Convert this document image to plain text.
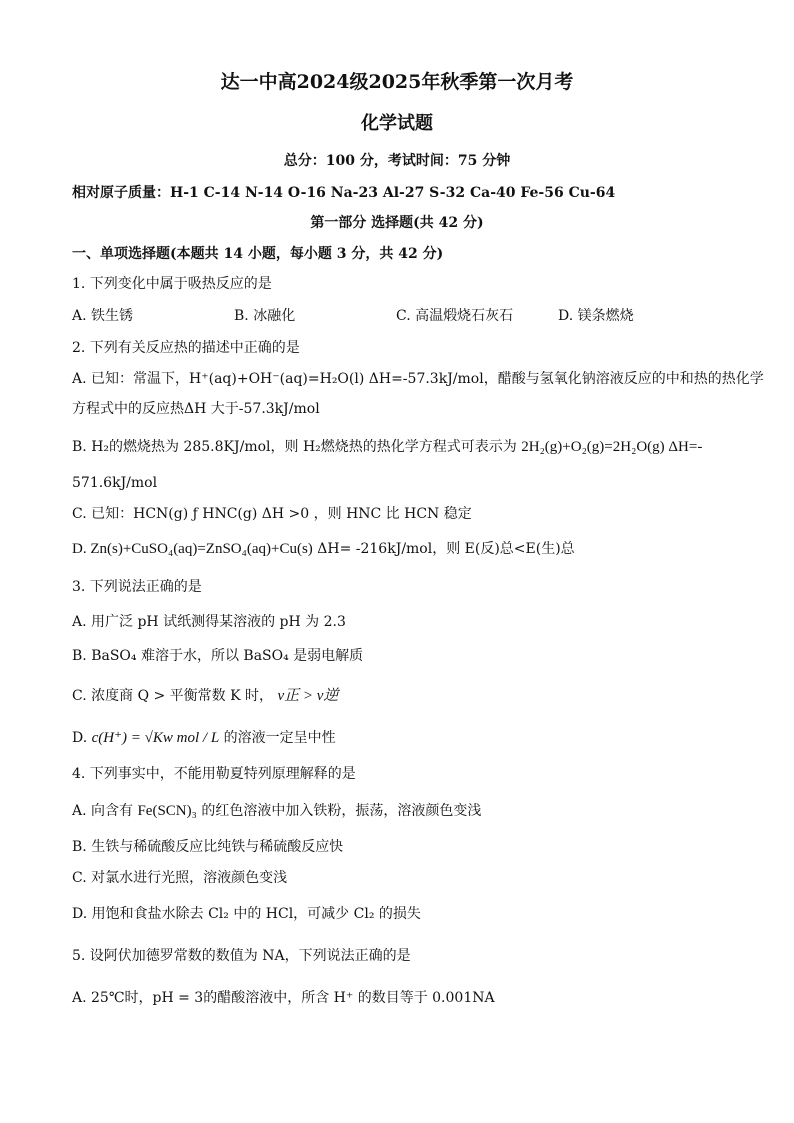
达一中高2024级2025年秋季第一次月考
化学试题
总分：100 分，考试时间：75 分钟
相对原子质量：H-1 C-14 N-14 O-16 Na-23 Al-27 S-32 Ca-40 Fe-56 Cu-64
第一部分 选择题(共 42 分)
一、单项选择题(本题共 14 小题，每小题 3 分，共 42 分)
1. 下列变化中属于吸热反应的是
A. 铁生锈	B. 冰融化	C. 高温煅烧石灰石	D. 镁条燃烧
2. 下列有关反应热的描述中正确的是
A. 已知：常温下，H⁺(aq)+OH⁻(aq)=H₂O(l) ΔH=-57.3kJ/mol，醋酸与氢氧化钠溶液反应的中和热的热化学
方程式中的反应热ΔH 大于-57.3kJ/mol
B. H₂的燃烧热为 285.8KJ/mol，则 H₂燃烧热的热化学方程式可表示为 2H₂(g)+O₂(g)=2H₂O(g) ΔH=-
571.6kJ/mol
C. 已知：HCN(g) ƒ HNC(g) ΔH >0 ，则 HNC 比 HCN 稳定
D. Zn(s)+CuSO₄(aq)=ZnSO₄(aq)+Cu(s) ΔH= -216kJ/mol，则 E(反)总<E(生)总
3. 下列说法正确的是
A. 用广泛 pH 试纸测得某溶液的 pH 为 2.3
B. BaSO₄ 难溶于水，所以 BaSO₄ 是弱电解质
C. 浓度商 Q > 平衡常数 K 时， v正 > v逆
D. c(H⁺) = √Kw mol / L 的溶液一定呈中性
4. 下列事实中，不能用勒夏特列原理解释的是
A. 向含有 Fe(SCN)₃ 的红色溶液中加入铁粉，振荡，溶液颜色变浅
B. 生铁与稀硫酸反应比纯铁与稀硫酸反应快
C. 对氯水进行光照，溶液颜色变浅
D. 用饱和食盐水除去 Cl₂ 中的 HCl，可减少 Cl₂ 的损失
5. 设阿伏加德罗常数的数值为 NA，下列说法正确的是
A. 25℃时，pH = 3的醋酸溶液中，所含 H⁺ 的数目等于 0.001NA
